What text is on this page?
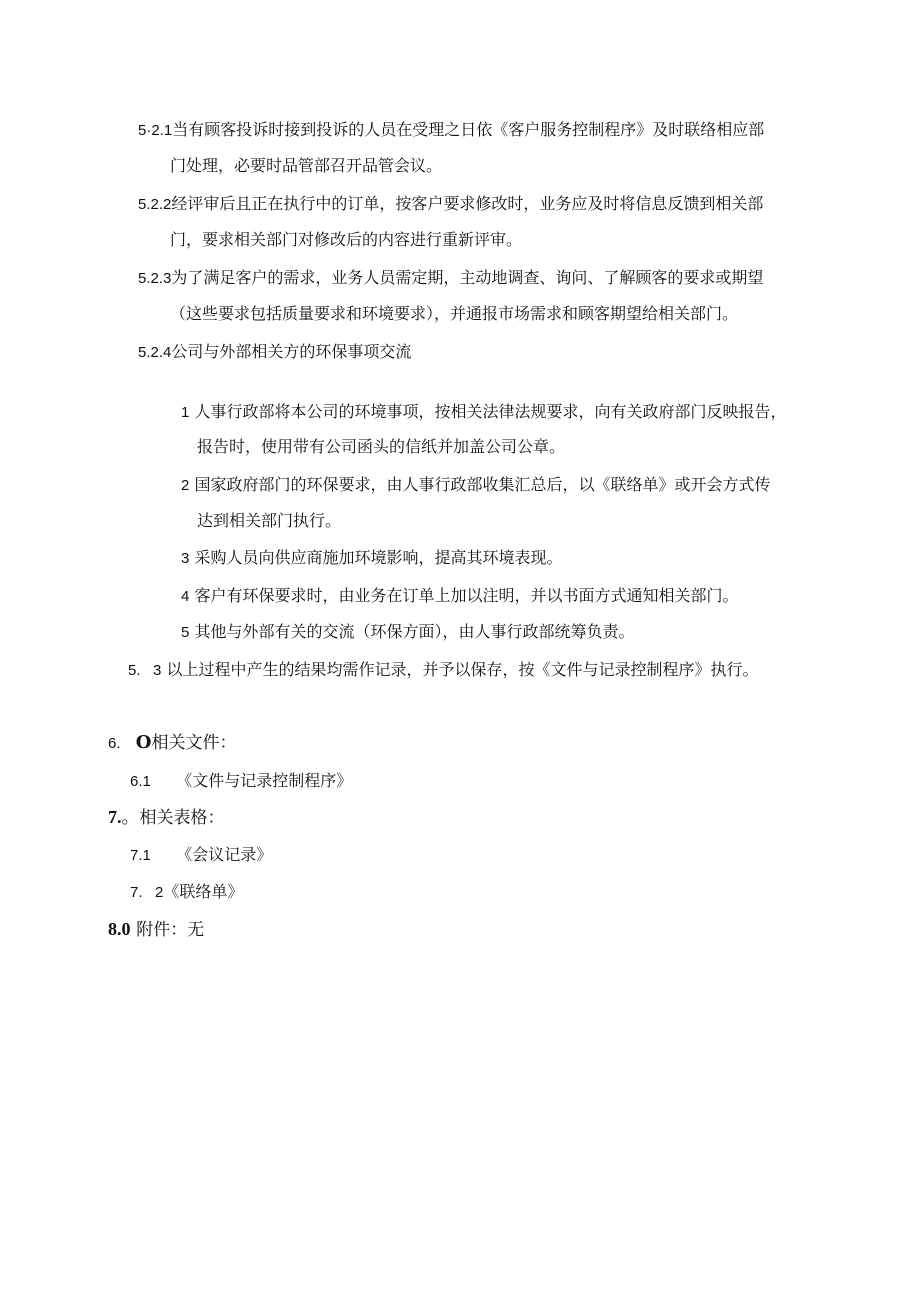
5·2.1当有顾客投诉时接到投诉的人员在受理之日依《客户服务控制程序》及时联络相应部
门处理，必要时品管部召开品管会议。
5.2.2经评审后且正在执行中的订单，按客户要求修改时，业务应及时将信息反馈到相关部
门，要求相关部门对修改后的内容进行重新评审。
5.2.3为了满足客户的需求，业务人员需定期，主动地调查、询问、了解顾客的要求或期望
（这些要求包括质量要求和环境要求），并通报市场需求和顾客期望给相关部门。
5.2.4公司与外部相关方的环保事项交流
1 人事行政部将本公司的环境事项，按相关法律法规要求，向有关政府部门反映报告，
报告时，使用带有公司函头的信纸并加盖公司公章。
2 国家政府部门的环保要求，由人事行政部收集汇总后，以《联络单》或开会方式传
达到相关部门执行。
3 采购人员向供应商施加环境影响，提高其环境表现。
4 客户有环保要求时，由业务在订单上加以注明，并以书面方式通知相关部门。
5 其他与外部有关的交流（环保方面），由人事行政部统筹负责。
5.   3 以上过程中产生的结果均需作记录，并予以保存，按《文件与记录控制程序》执行。
6. O相关文件：
6.1 《文件与记录控制程序》
7.。相关表格：
7.1 《会议记录》
7.   2《联络单》
8.0 附件：无
